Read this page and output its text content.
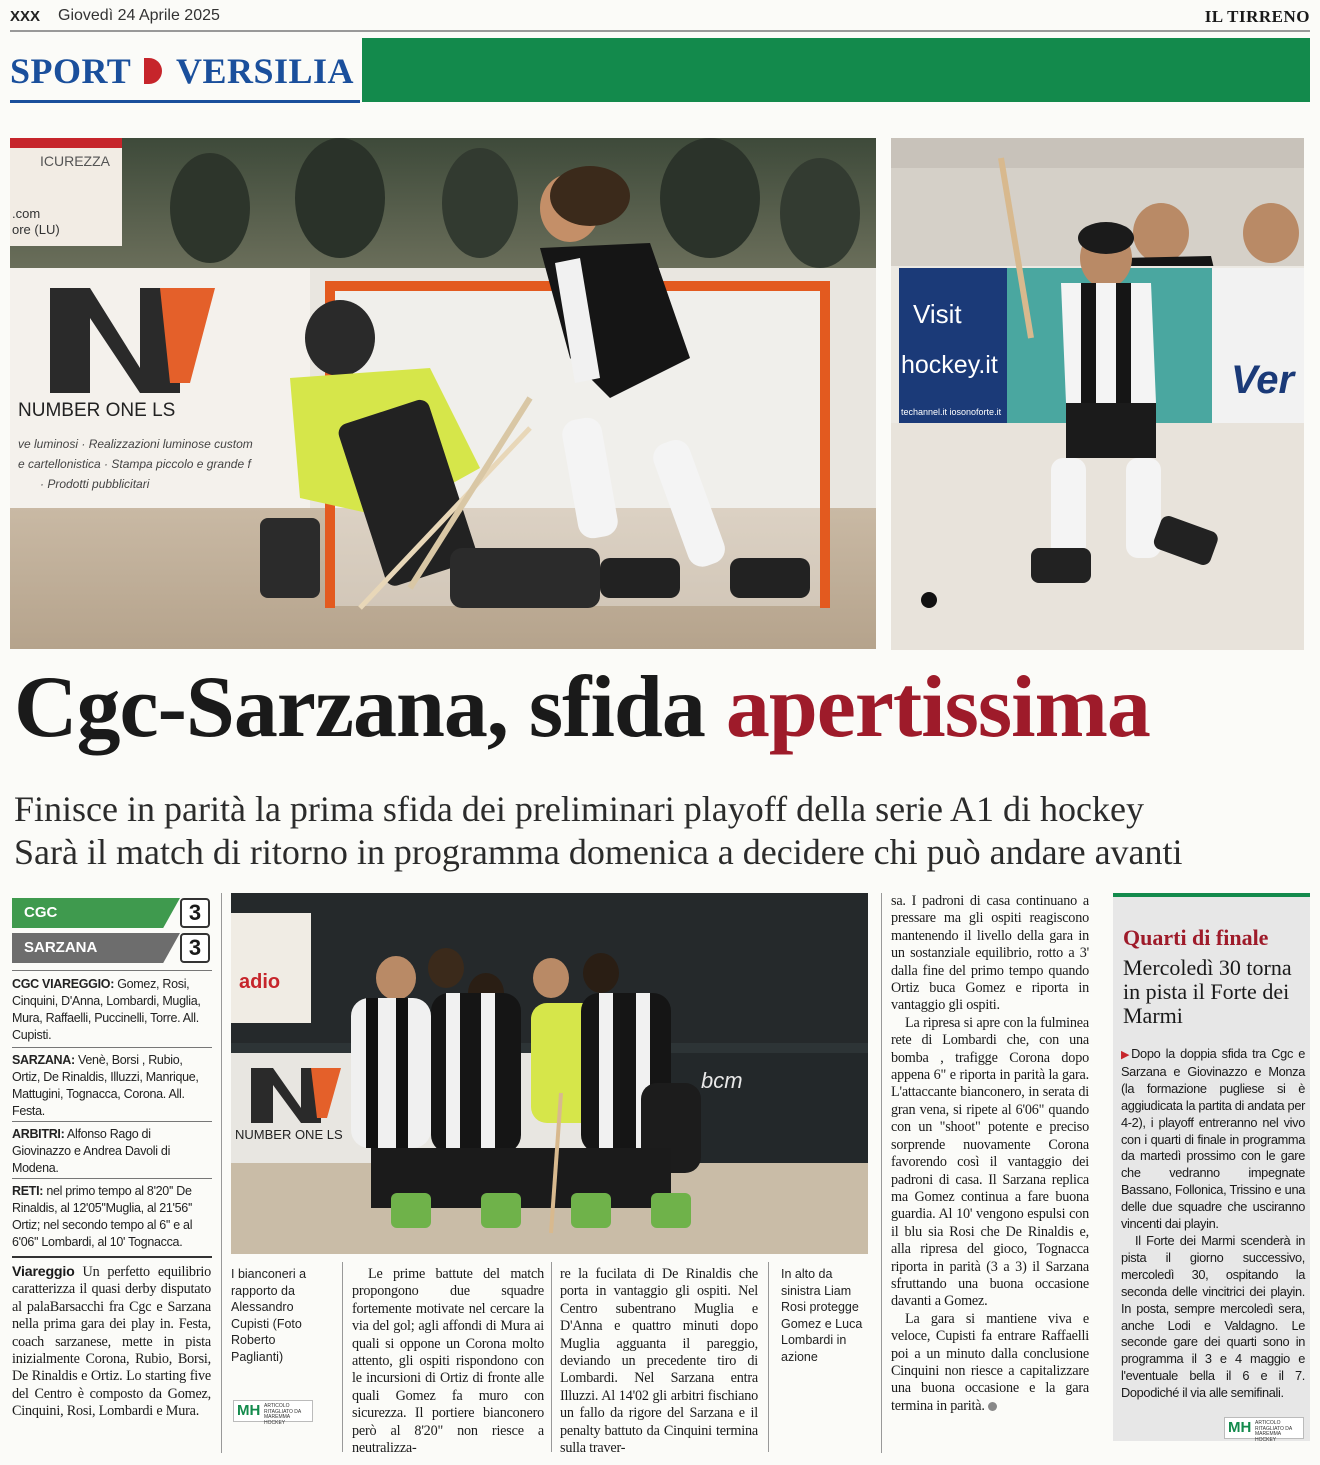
XXX Giovedì 24 Aprile 2025	IL TIRRENO
SPORT VERSILIA
ICUREZZA
.com
ore (LU)
NUMBER ONE LS
ve luminosi · Realizzazioni luminose custom
e cartellonistica · Stampa piccolo e grande f
· Prodotti pubblicitari
Visit
hockey.it
techannel.it iosonoforte.it
Ver
Cgc-Sarzana, sfida apertissima
Finisce in parità la prima sfida dei preliminari playoff della serie A1 di hockey
Sarà il match di ritorno in programma domenica a decidere chi può andare avanti
CGC	3
SARZANA	3
CGC VIAREGGIO: Gomez, Rosi, Cinquini, D'Anna, Lombardi, Muglia, Mura, Raffaelli, Puccinelli, Torre. All. Cupisti.
SARZANA: Venè, Borsi , Rubio, Ortiz, De Rinaldis, Illuzzi, Manrique, Mattugini, Tognacca, Corona. All. Festa.
ARBITRI: Alfonso Rago di Giovinazzo e Andrea Davoli di Modena.
RETI: nel primo tempo al 8'20'' De Rinaldis, al 12'05''Muglia, al 21'56'' Ortiz; nel secondo tempo al 6'' e al 6'06'' Lombardi, al 10' Tognacca.
Viareggio Un perfetto equilibrio caratterizza il quasi derby disputato al palaBarsacchi fra Cgc e Sarzana nella prima gara dei play in. Festa, coach sarzanese, mette in pista inizialmente Corona, Rubio, Borsi, De Rinaldis e Ortiz. Lo starting five del Centro è composto da Gomez, Cinquini, Rosi, Lombardi e Mura.
adio
NUMBER ONE LS
bcm
I bianconeri a rapporto da Alessandro Cupisti (Foto Roberto Paglianti)
MH ARTICOLO RITAGLIATO DA MAREMMA HOCKEY
Le prime battute del match propongono due squadre fortemente motivate nel cercare la via del gol; agli affondi di Mura ai quali si oppone un Corona molto attento, gli ospiti rispondono con le incursioni di Ortiz di fronte alle quali Gomez fa muro con sicurezza. Il portiere bianconero però al 8'20" non riesce a neutralizza-
re la fucilata di De Rinaldis che porta in vantaggio gli ospiti. Nel Centro subentrano Muglia e D'Anna e quattro minuti dopo Muglia agguanta il pareggio, deviando un precedente tiro di Lombardi. Nel Sarzana entra Illuzzi. Al 14'02 gli arbitri fischiano un fallo da rigore del Sarzana e il penalty battuto da Cinquini termina sulla traver-
In alto da sinistra Liam Rosi protegge Gomez e Luca Lombardi in azione

sa. I padroni di casa continuano a pressare ma gli ospiti reagiscono mantenendo il livello della gara in un sostanziale equilibrio, rotto a 3' dalla fine del primo tempo quando Ortiz buca Gomez e riporta in vantaggio gli ospiti.

La ripresa si apre con la fulminea rete di Lombardi che, con una bomba , trafigge Corona dopo appena 6" e riporta in parità la gara. L'attaccante bianconero, in serata di gran vena, si ripete al 6'06" quando con un "shoot" potente e preciso sorprende nuovamente Corona favorendo così il vantaggio dei padroni di casa. Il Sarzana replica ma Gomez continua a fare buona guardia. Al 10' vengono espulsi con il blu sia Rosi che De Rinaldis e, alla ripresa del gioco, Tognacca riporta in parità (3 a 3) il Sarzana sfruttando una buona occasione davanti a Gomez.

La gara si mantiene viva e veloce, Cupisti fa entrare Raffaelli poi a un minuto dalla conclusione Cinquini non riesce a capitalizzare una buona occasione e la gara termina in parità.

Quarti di finale
Mercoledì 30 torna in pista il Forte dei Marmi

▶Dopo la doppia sfida tra Cgc e Sarzana e Giovinazzo e Monza (la formazione pugliese si è aggiudicata la partita di andata per 4-2), i playoff entreranno nel vivo con i quarti di finale in programma da martedì prossimo con le gare che vedranno impegnate Bassano, Follonica, Trissino e una delle due squadre che usciranno vincenti dai playin.

Il Forte dei Marmi scenderà in pista il giorno successivo, mercoledì 30, ospitando la seconda delle vincitrici dei playin. In posta, sempre mercoledì sera, anche Lodi e Valdagno. Le seconde gare dei quarti sono in programma il 3 e 4 maggio e l'eventuale bella il 6 e il 7. Dopodiché il via alle semifinali.

MH ARTICOLO RITAGLIATO DA MAREMMA HOCKEY
